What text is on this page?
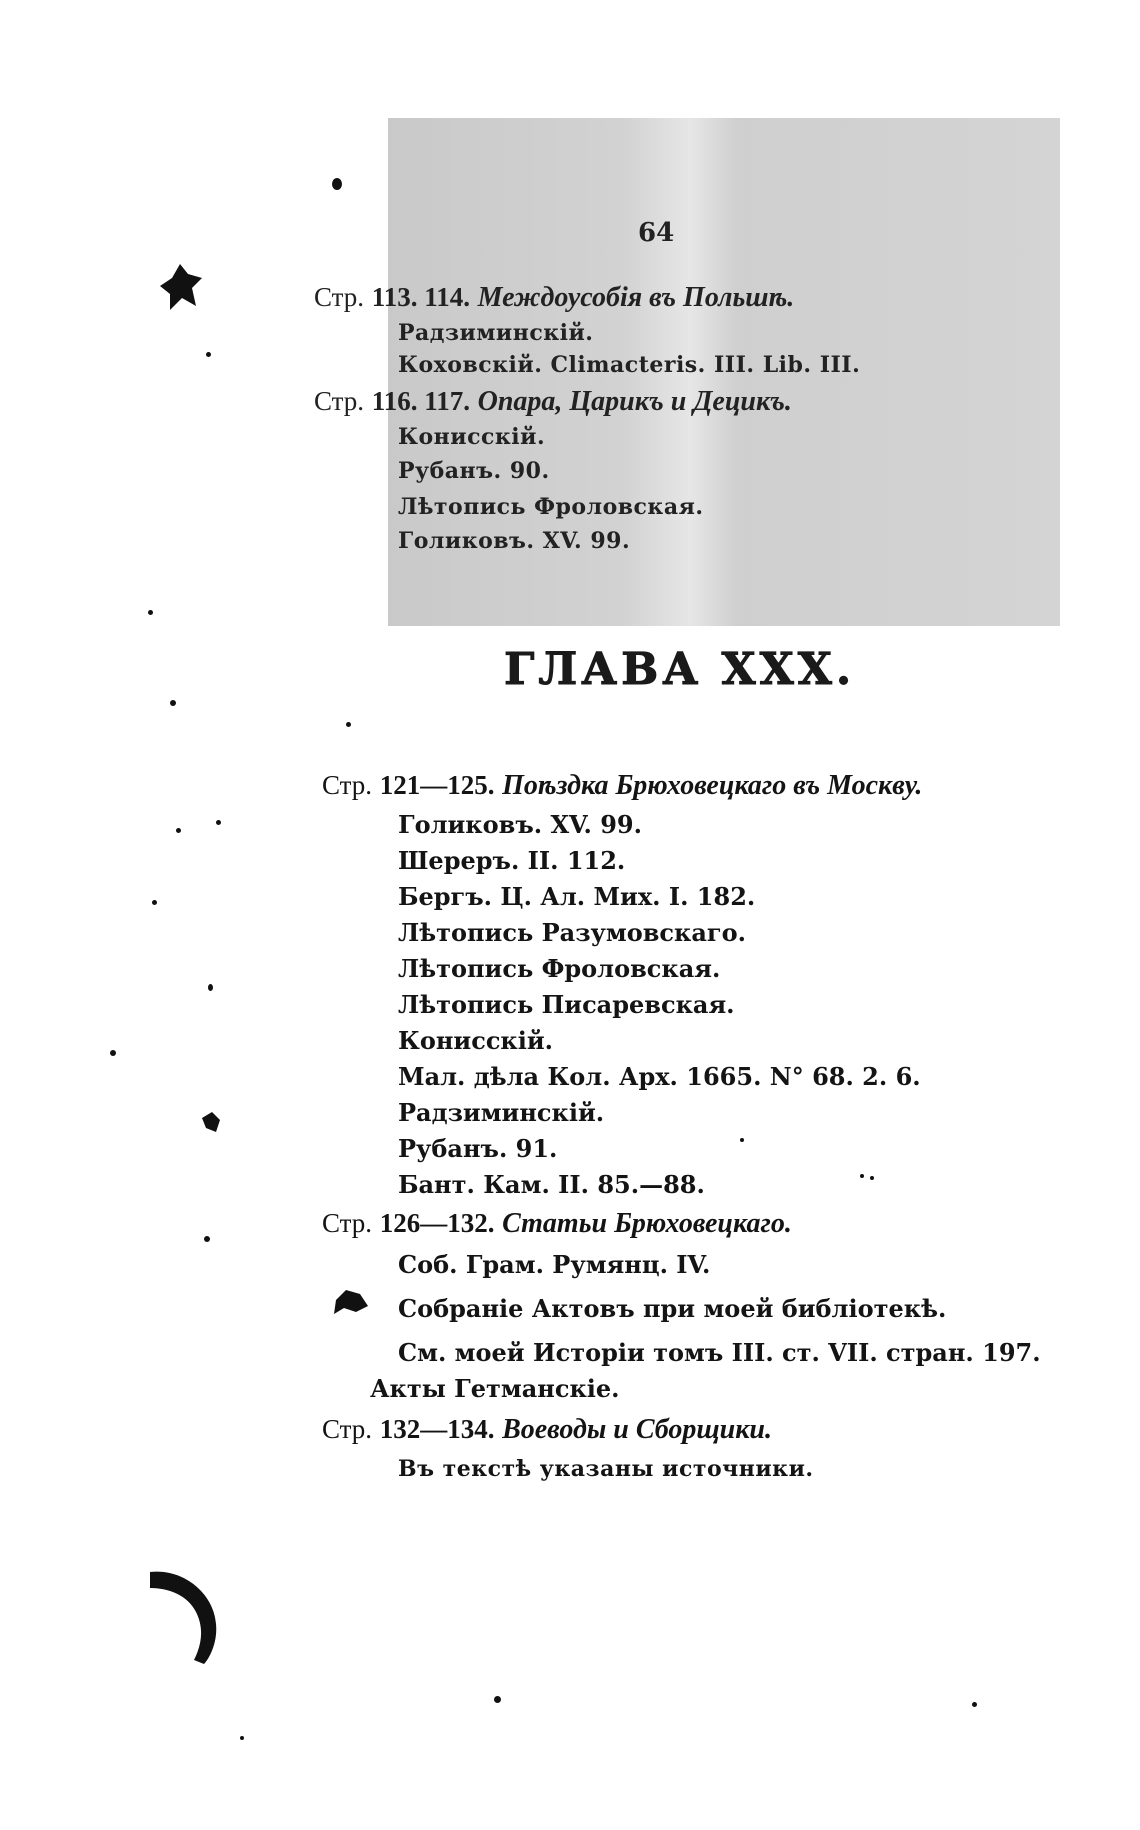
64
Стр. 113. 114. Междоусобія въ Польшѣ.
Радзиминскій.
Коховскій. Climacteris. III. Lib. III.
Стр. 116. 117. Опара, Царикъ и Децикъ.
Конисскій.
Рубанъ. 90.
Лѣтопись Фроловская.
Голиковъ. XV. 99.
ГЛАВА XXX.
Стр. 121—125. Поѣздка Брюховецкаго въ Москву.
Голиковъ. XV. 99.
Шереръ. II. 112.
Бергъ. Ц. Ал. Мих. I. 182.
Лѣтопись Разумовскаго.
Лѣтопись Фроловская.
Лѣтопись Писаревская.
Конисскій.
Мал. дѣла Кол. Арх. 1665. N° 68. 2. 6.
Радзиминскій.
Рубанъ. 91.
Бант. Кам. II. 85.—88.
Стр. 126—132. Статьи Брюховецкаго.
Соб. Грам. Румянц. IV.
Собраніе Актовъ при моей библіотекѣ.
См. моей Исторіи томъ III. ст. VII. стран. 197.
Акты Гетманскіе.
Стр. 132—134. Воеводы и Сборщики.
Въ текстѣ указаны источники.
